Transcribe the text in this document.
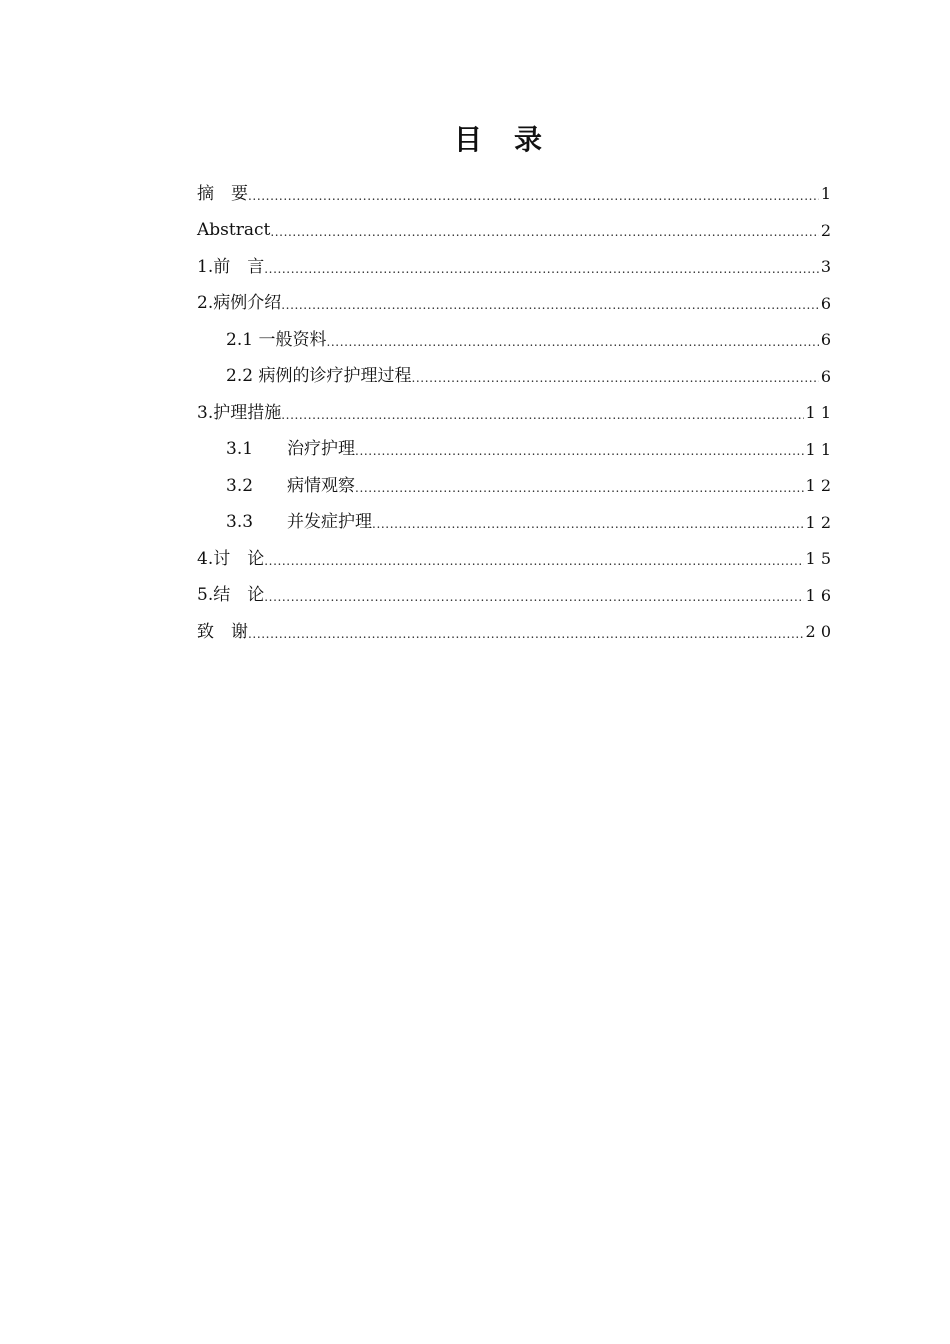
目　录
摘　要 .....	1
Abstract .....	2
1.前　言 .....	3
2.病例介绍 .....	6
2.1 一般资料 .....	6
2.2 病例的诊疗护理过程 .....	6
3.护理措施 .....	1 1
3.1　　治疗护理 .....	1 1
3.2　　病情观察 .....	1 2
3.3　　并发症护理 .....	1 2
4.讨　论 .....	1 5
5.结　论 .....	1 6
致　谢 .....	2 0
